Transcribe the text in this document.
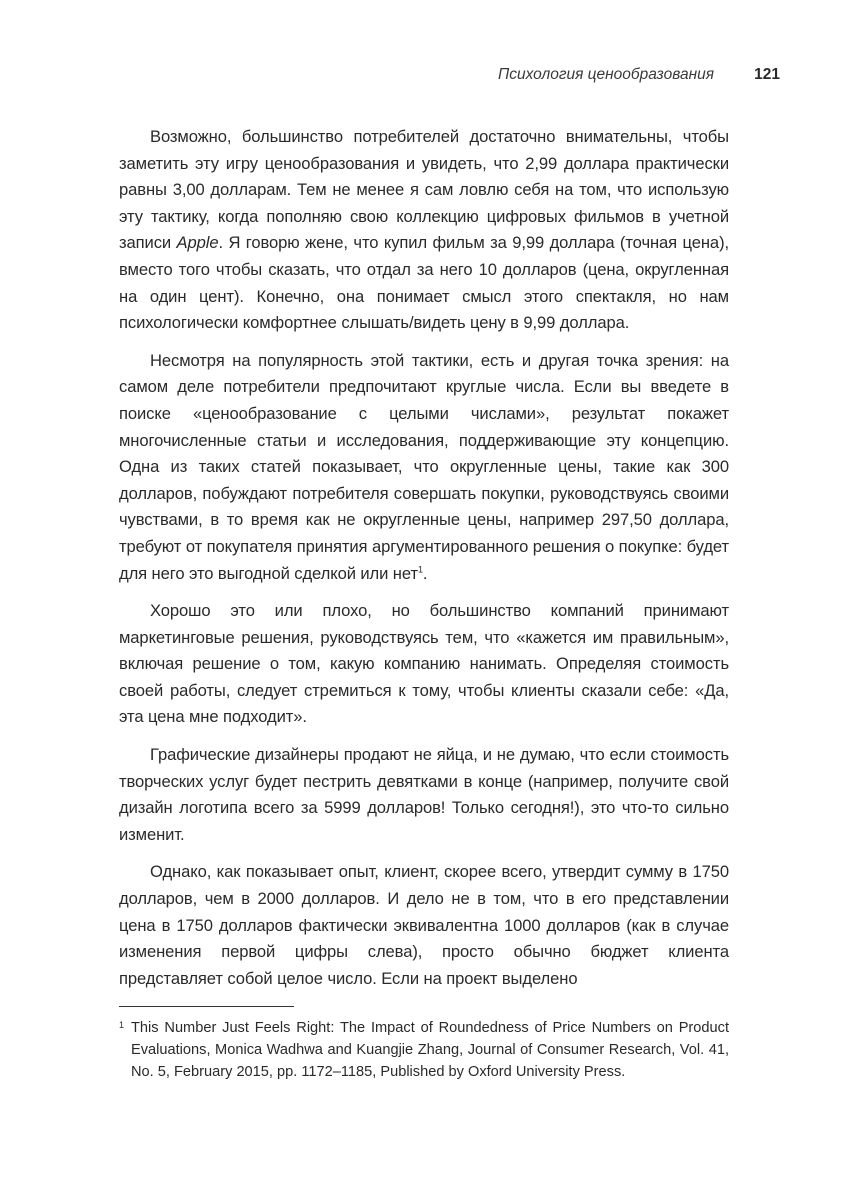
Психология ценообразования	121

Возможно, большинство потребителей достаточно внимательны, чтобы заметить эту игру ценообразования и увидеть, что 2,99 доллара практически равны 3,00 долларам. Тем не менее я сам ловлю себя на том, что использую эту тактику, когда пополняю свою коллекцию цифровых фильмов в учетной записи Apple. Я говорю жене, что купил фильм за 9,99 доллара (точная цена), вместо того чтобы сказать, что отдал за него 10 долларов (цена, округленная на один цент). Конечно, она понимает смысл этого спектакля, но нам психологически комфортнее слышать/видеть цену в 9,99 доллара.

Несмотря на популярность этой тактики, есть и другая точка зрения: на самом деле потребители предпочитают круглые числа. Если вы введете в поиске «ценообразование с целыми числами», результат покажет многочисленные статьи и исследования, поддерживающие эту концепцию. Одна из таких статей показывает, что округленные цены, такие как 300 долларов, побуждают потребителя совершать покупки, руководствуясь своими чувствами, в то время как не округленные цены, например 297,50 доллара, требуют от покупателя принятия аргументированного решения о покупке: будет для него это выгодной сделкой или нет$^1$.

Хорошо это или плохо, но большинство компаний принимают маркетинговые решения, руководствуясь тем, что «кажется им правильным», включая решение о том, какую компанию нанимать. Определяя стоимость своей работы, следует стремиться к тому, чтобы клиенты сказали себе: «Да, эта цена мне подходит».

Графические дизайнеры продают не яйца, и не думаю, что если стоимость творческих услуг будет пестрить девятками в конце (например, получите свой дизайн логотипа всего за 5999 долларов! Только сегодня!), это что-то сильно изменит.

Однако, как показывает опыт, клиент, скорее всего, утвердит сумму в 1750 долларов, чем в 2000 долларов. И дело не в том, что в его представлении цена в 1750 долларов фактически эквивалентна 1000 долларов (как в случае изменения первой цифры слева), просто обычно бюджет клиента представляет собой целое число. Если на проект выделено

1 This Number Just Feels Right: The Impact of Roundedness of Price Numbers on Product Evaluations, Monica Wadhwa and Kuangjie Zhang, Journal of Consumer Research, Vol. 41, No. 5, February 2015, pp. 1172–1185, Published by Oxford University Press.
